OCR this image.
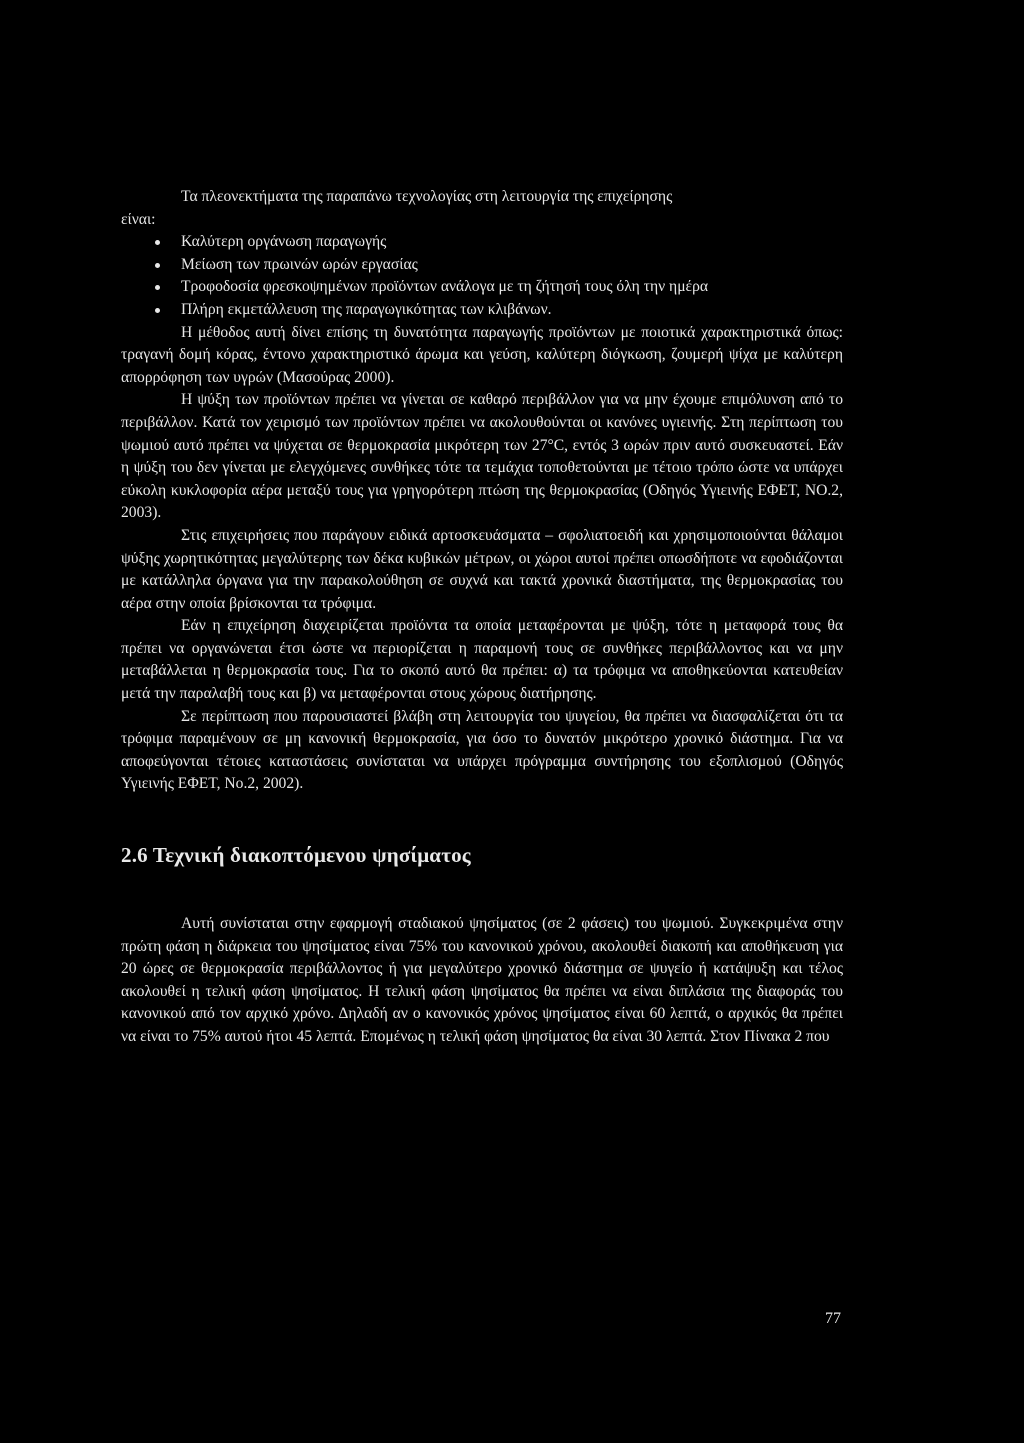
Τα πλεονεκτήματα της παραπάνω τεχνολογίας στη λειτουργία της επιχείρησης

είναι:

Καλύτερη οργάνωση παραγωγής
Μείωση των πρωινών ωρών εργασίας
Τροφοδοσία φρεσκοψημένων προϊόντων ανάλογα με τη ζήτησή τους όλη την ημέρα
Πλήρη εκμετάλλευση της παραγωγικότητας των κλιβάνων.

Η μέθοδος αυτή δίνει επίσης τη δυνατότητα παραγωγής προϊόντων με ποιοτικά χαρακτηριστικά όπως: τραγανή δομή κόρας, έντονο χαρακτηριστικό άρωμα και γεύση, καλύτερη διόγκωση, ζουμερή ψίχα με καλύτερη απορρόφηση των υγρών (Μασούρας 2000).

Η ψύξη των προϊόντων πρέπει να γίνεται σε καθαρό περιβάλλον για να μην έχουμε επιμόλυνση από το περιβάλλον. Κατά τον χειρισμό των προϊόντων πρέπει να ακολουθούνται οι κανόνες υγιεινής. Στη περίπτωση του ψωμιού αυτό πρέπει να ψύχεται σε θερμοκρασία μικρότερη των 27°C, εντός 3 ωρών πριν αυτό συσκευαστεί. Εάν η ψύξη του δεν γίνεται με ελεγχόμενες συνθήκες τότε τα τεμάχια τοποθετούνται με τέτοιο τρόπο ώστε να υπάρχει εύκολη κυκλοφορία αέρα μεταξύ τους για γρηγορότερη πτώση της θερμοκρασίας (Οδηγός Υγιεινής ΕΦΕΤ, ΝΟ.2, 2003).

Στις επιχειρήσεις που παράγουν ειδικά αρτοσκευάσματα – σφολιατοειδή και χρησιμοποιούνται θάλαμοι ψύξης χωρητικότητας μεγαλύτερης των δέκα κυβικών μέτρων, οι χώροι αυτοί πρέπει οπωσδήποτε να εφοδιάζονται με κατάλληλα όργανα για την παρακολούθηση σε συχνά και τακτά χρονικά διαστήματα, της θερμοκρασίας του αέρα στην οποία βρίσκονται τα τρόφιμα.

Εάν η επιχείρηση διαχειρίζεται προϊόντα τα οποία μεταφέρονται με ψύξη, τότε η μεταφορά τους θα πρέπει να οργανώνεται έτσι ώστε να περιορίζεται η παραμονή τους σε συνθήκες περιβάλλοντος και να μην μεταβάλλεται η θερμοκρασία τους. Για το σκοπό αυτό θα πρέπει: α) τα τρόφιμα να αποθηκεύονται κατευθείαν μετά την παραλαβή τους και β) να μεταφέρονται στους χώρους διατήρησης.

Σε περίπτωση που παρουσιαστεί βλάβη στη λειτουργία του ψυγείου, θα πρέπει να διασφαλίζεται ότι τα τρόφιμα παραμένουν σε μη κανονική θερμοκρασία, για όσο το δυνατόν μικρότερο χρονικό διάστημα. Για να αποφεύγονται τέτοιες καταστάσεις συνίσταται να υπάρχει πρόγραμμα συντήρησης του εξοπλισμού (Οδηγός Υγιεινής ΕΦΕΤ, No.2, 2002).

2.6 Τεχνική διακοπτόμενου ψησίματος

Αυτή συνίσταται στην εφαρμογή σταδιακού ψησίματος (σε 2 φάσεις) του ψωμιού. Συγκεκριμένα στην πρώτη φάση η διάρκεια του ψησίματος είναι 75% του κανονικού χρόνου, ακολουθεί διακοπή και αποθήκευση για 20 ώρες σε θερμοκρασία περιβάλλοντος ή για μεγαλύτερο χρονικό διάστημα σε ψυγείο ή κατάψυξη και τέλος ακολουθεί η τελική φάση ψησίματος. Η τελική φάση ψησίματος θα πρέπει να είναι διπλάσια της διαφοράς του κανονικού από τον αρχικό χρόνο. Δηλαδή αν ο κανονικός χρόνος ψησίματος είναι 60 λεπτά, ο αρχικός θα πρέπει να είναι το 75% αυτού ήτοι 45 λεπτά. Επομένως η τελική φάση ψησίματος θα είναι 30 λεπτά. Στον Πίνακα 2 που

77
